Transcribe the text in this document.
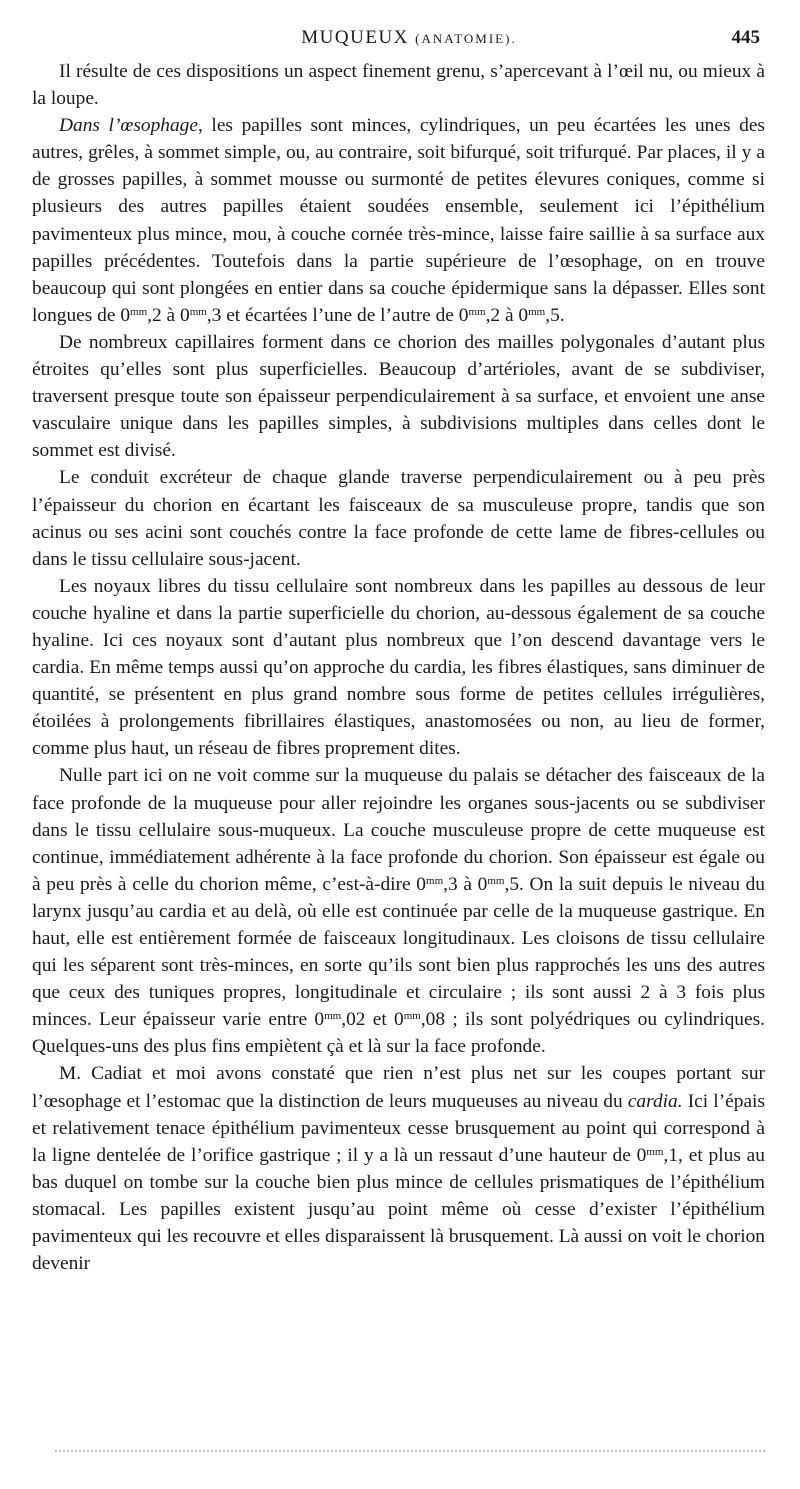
MUQUEUX (ANATOMIE).	445

Il résulte de ces dispositions un aspect finement grenu, s’apercevant à l’œil nu, ou mieux à la loupe.

Dans l’œsophage, les papilles sont minces, cylindriques, un peu écartées les unes des autres, grêles, à sommet simple, ou, au contraire, soit bifurqué, soit trifurqué. Par places, il y a de grosses papilles, à sommet mousse ou surmonté de petites élevures coniques, comme si plusieurs des autres papilles étaient soudées ensemble, seulement ici l’épithélium pavimenteux plus mince, mou, à couche cornée très-mince, laisse faire saillie à sa surface aux papilles précédentes. Toutefois dans la partie supérieure de l’œsophage, on en trouve beaucoup qui sont plongées en entier dans sa couche épidermique sans la dépasser. Elles sont longues de $0^{mm},2$ à $0^{mm},3$ et écartées l’une de l’autre de $0^{mm},2$ à $0^{mm},5$.

De nombreux capillaires forment dans ce chorion des mailles polygonales d’autant plus étroites qu’elles sont plus superficielles. Beaucoup d’artérioles, avant de se subdiviser, traversent presque toute son épaisseur perpendiculairement à sa surface, et envoient une anse vasculaire unique dans les papilles simples, à subdivisions multiples dans celles dont le sommet est divisé.

Le conduit excréteur de chaque glande traverse perpendiculairement ou à peu près l’épaisseur du chorion en écartant les faisceaux de sa musculeuse propre, tandis que son acinus ou ses acini sont couchés contre la face profonde de cette lame de fibres-cellules ou dans le tissu cellulaire sous-jacent.

Les noyaux libres du tissu cellulaire sont nombreux dans les papilles au dessous de leur couche hyaline et dans la partie superficielle du chorion, au-dessous également de sa couche hyaline. Ici ces noyaux sont d’autant plus nombreux que l’on descend davantage vers le cardia. En même temps aussi qu’on approche du cardia, les fibres élastiques, sans diminuer de quantité, se présentent en plus grand nombre sous forme de petites cellules irrégulières, étoilées à prolongements fibrillaires élastiques, anastomosées ou non, au lieu de former, comme plus haut, un réseau de fibres proprement dites.

Nulle part ici on ne voit comme sur la muqueuse du palais se détacher des faisceaux de la face profonde de la muqueuse pour aller rejoindre les organes sous-jacents ou se subdiviser dans le tissu cellulaire sous-muqueux. La couche musculeuse propre de cette muqueuse est continue, immédiatement adhérente à la face profonde du chorion. Son épaisseur est égale ou à peu près à celle du chorion même, c’est-à-dire $0^{mm},3$ à $0^{mm},5$. On la suit depuis le niveau du larynx jusqu’au cardia et au delà, où elle est continuée par celle de la muqueuse gastrique. En haut, elle est entièrement formée de faisceaux longitudinaux. Les cloisons de tissu cellulaire qui les séparent sont très-minces, en sorte qu’ils sont bien plus rapprochés les uns des autres que ceux des tuniques propres, longitudinale et circulaire ; ils sont aussi 2 à 3 fois plus minces. Leur épaisseur varie entre $0^{mm},02$ et $0^{mm},08$ ; ils sont polyédriques ou cylindriques. Quelques-uns des plus fins empiètent çà et là sur la face profonde.

M. Cadiat et moi avons constaté que rien n’est plus net sur les coupes portant sur l’œsophage et l’estomac que la distinction de leurs muqueuses au niveau du cardia. Ici l’épais et relativement tenace épithélium pavimenteux cesse brusquement au point qui correspond à la ligne dentelée de l’orifice gastrique ; il y a là un ressaut d’une hauteur de $0^{mm},1$, et plus au bas duquel on tombe sur la couche bien plus mince de cellules prismatiques de l’épithélium stomacal. Les papilles existent jusqu’au point même où cesse d’exister l’épithélium pavimenteux qui les recouvre et elles disparaissent là brusquement. Là aussi on voit le chorion devenir
